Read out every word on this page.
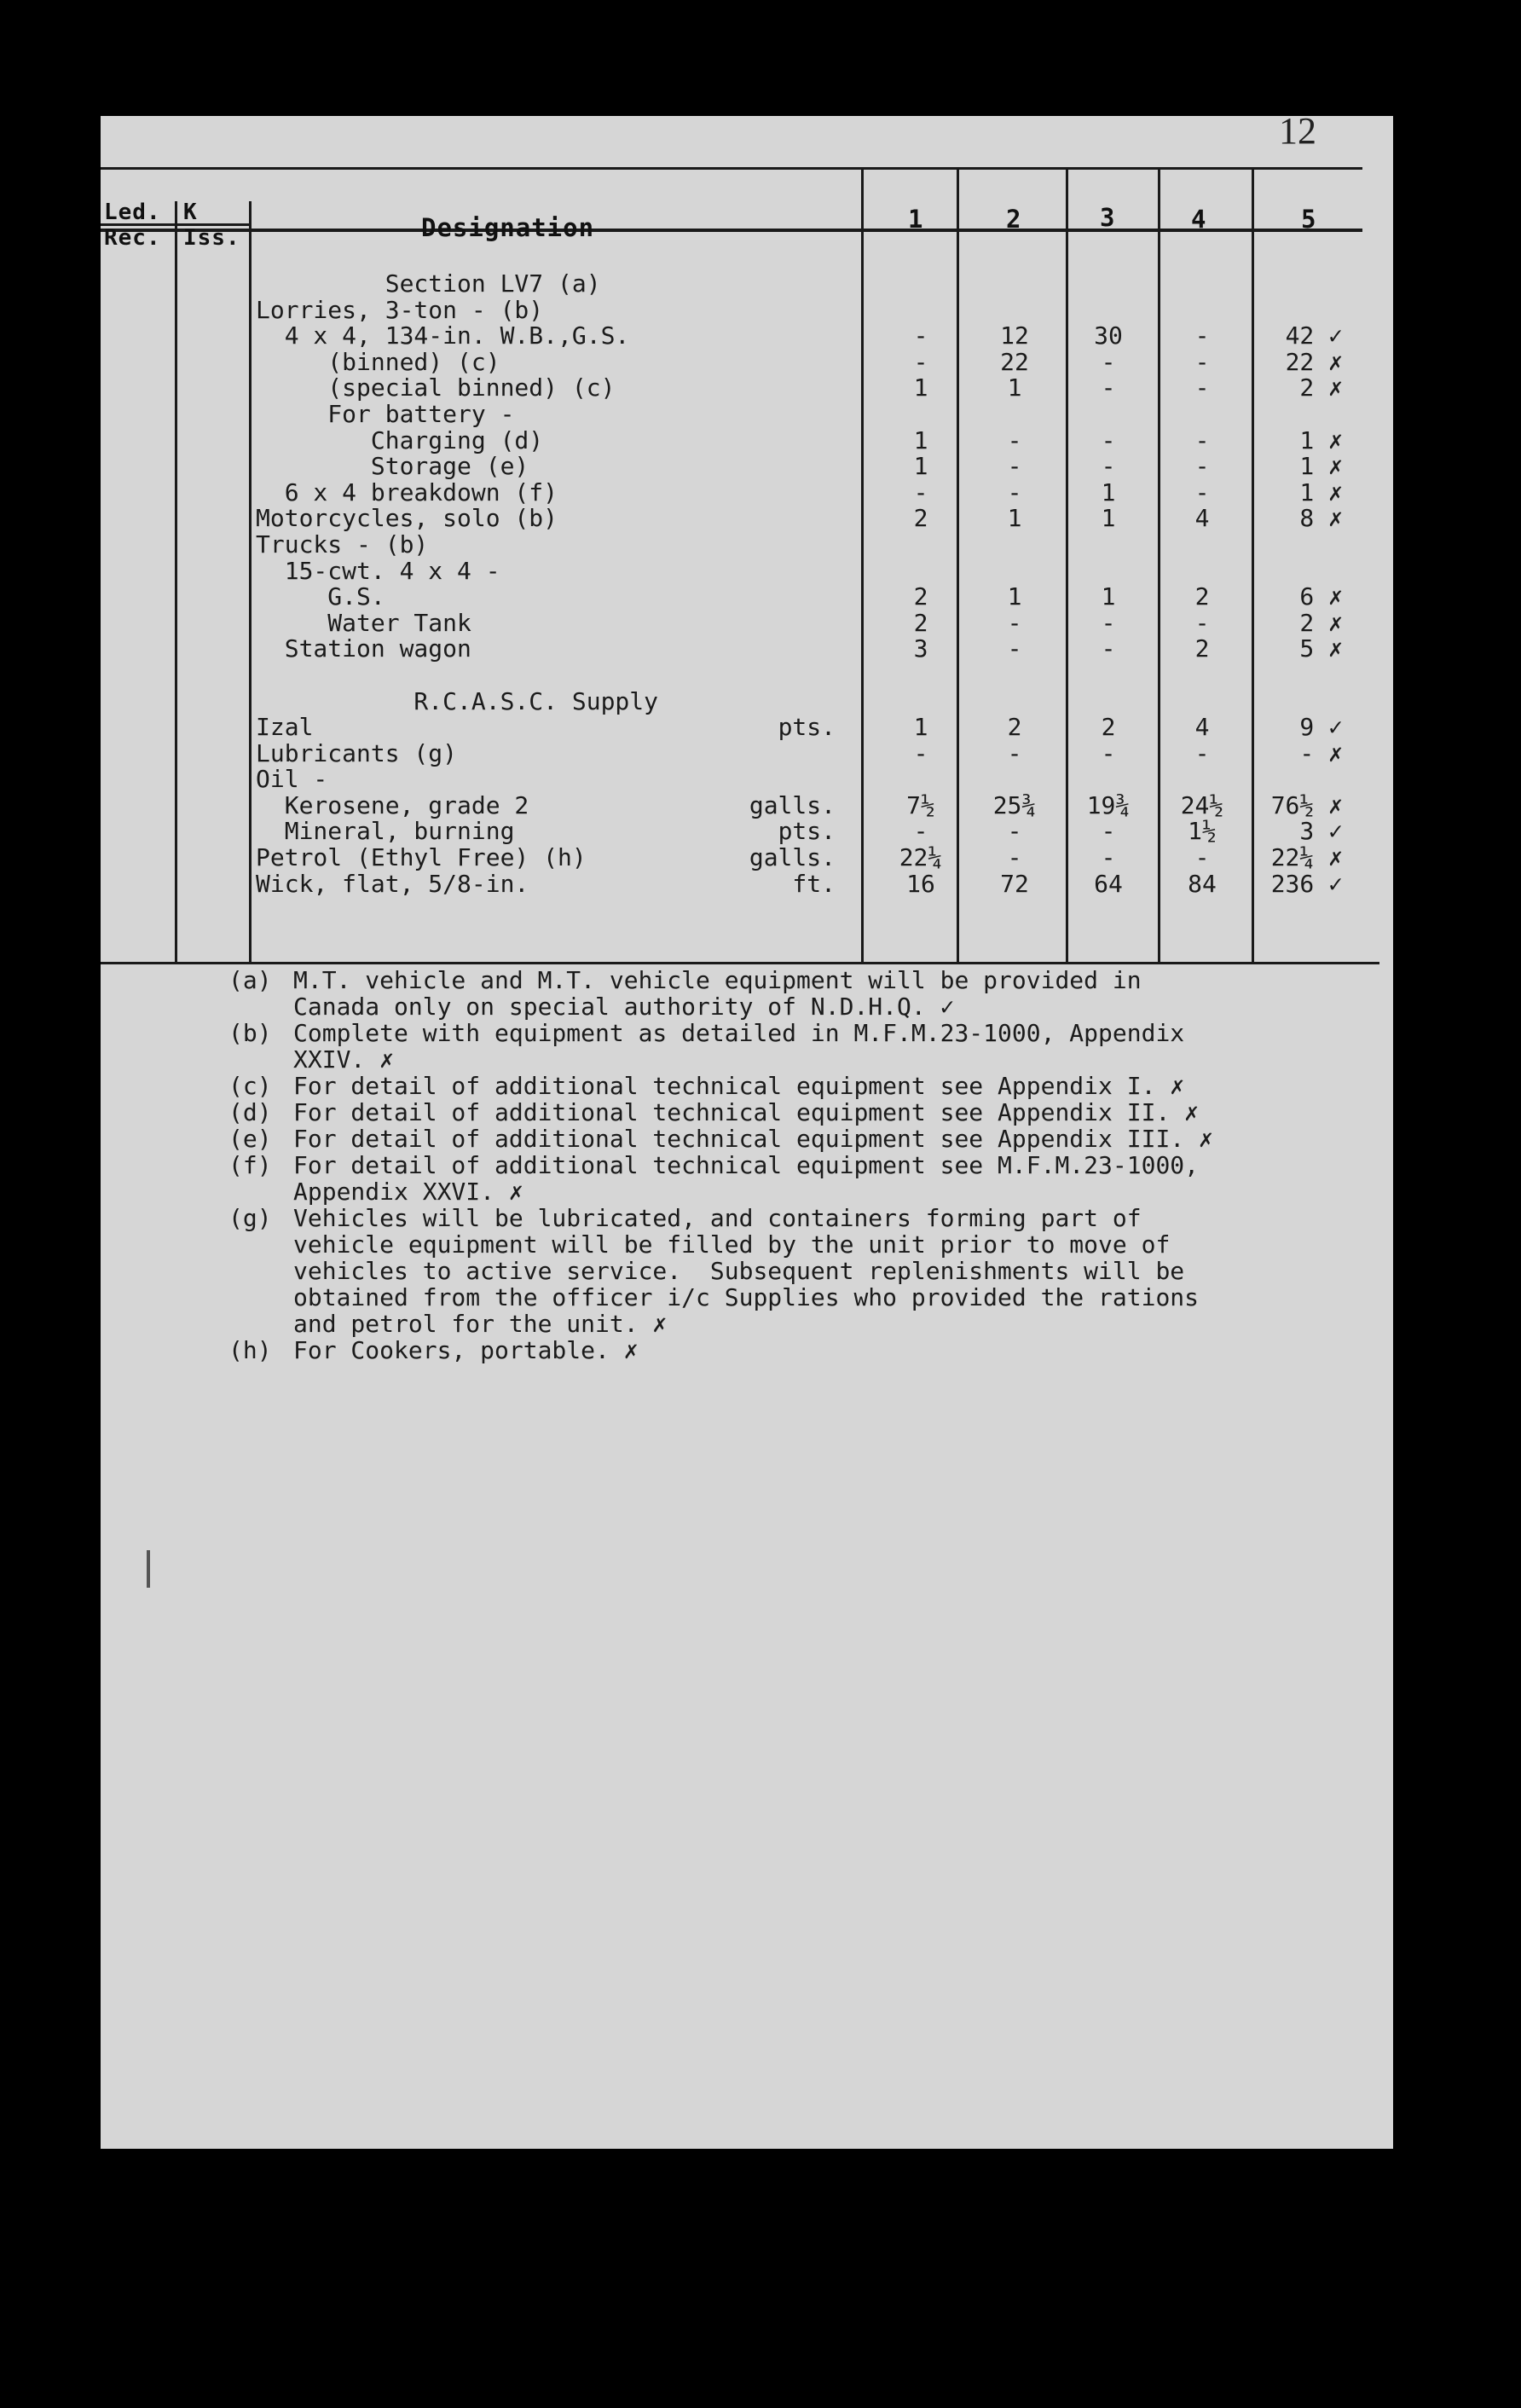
12
Led.
Rec.
K
Iss.	Designation	1	2	3	4	5
Section LV7 (a)
Lorries, 3-ton - (b)
4 x 4, 134-in. W.B.,G.S.	-	12	30	-	42 ✓
(binned) (c)	-	22	-	-	22 ✗
(special binned) (c)	1	1	-	-	2 ✗
For battery -
Charging (d)	1	-	-	-	1 ✗
Storage (e)	1	-	-	-	1 ✗
6 x 4 breakdown (f)	-	-	1	-	1 ✗
Motorcycles, solo (b)	2	1	1	4	8 ✗
Trucks - (b)
15-cwt. 4 x 4 -
G.S.	2	1	1	2	6 ✗
Water Tank	2	-	-	-	2 ✗
Station wagon	3	-	-	2	5 ✗
R.C.A.S.C. Supply
Izal	pts.	1	2	2	4	9 ✓
Lubricants (g)	-	-	-	-	- ✗
Oil -
Kerosene, grade 2	galls.	7½	25¾	19¾	24½	76½ ✗
Mineral, burning	pts.	-	-	-	1½	3 ✓
Petrol (Ethyl Free) (h)	galls.	22¼	-	-	-	22¼ ✗
Wick, flat, 5/8-in.	ft.	16	72	64	84	236 ✓
(a) M.T. vehicle and M.T. vehicle equipment will be provided in
Canada only on special authority of N.D.H.Q. ✓
(b) Complete with equipment as detailed in M.F.M.23-1000, Appendix
XXIV. ✗
(c) For detail of additional technical equipment see Appendix I. ✗
(d) For detail of additional technical equipment see Appendix II. ✗
(e) For detail of additional technical equipment see Appendix III. ✗
(f) For detail of additional technical equipment see M.F.M.23-1000,
Appendix XXVI. ✗
(g) Vehicles will be lubricated, and containers forming part of
vehicle equipment will be filled by the unit prior to move of
vehicles to active service.  Subsequent replenishments will be
obtained from the officer i/c Supplies who provided the rations
and petrol for the unit. ✗
(h) For Cookers, portable. ✗
